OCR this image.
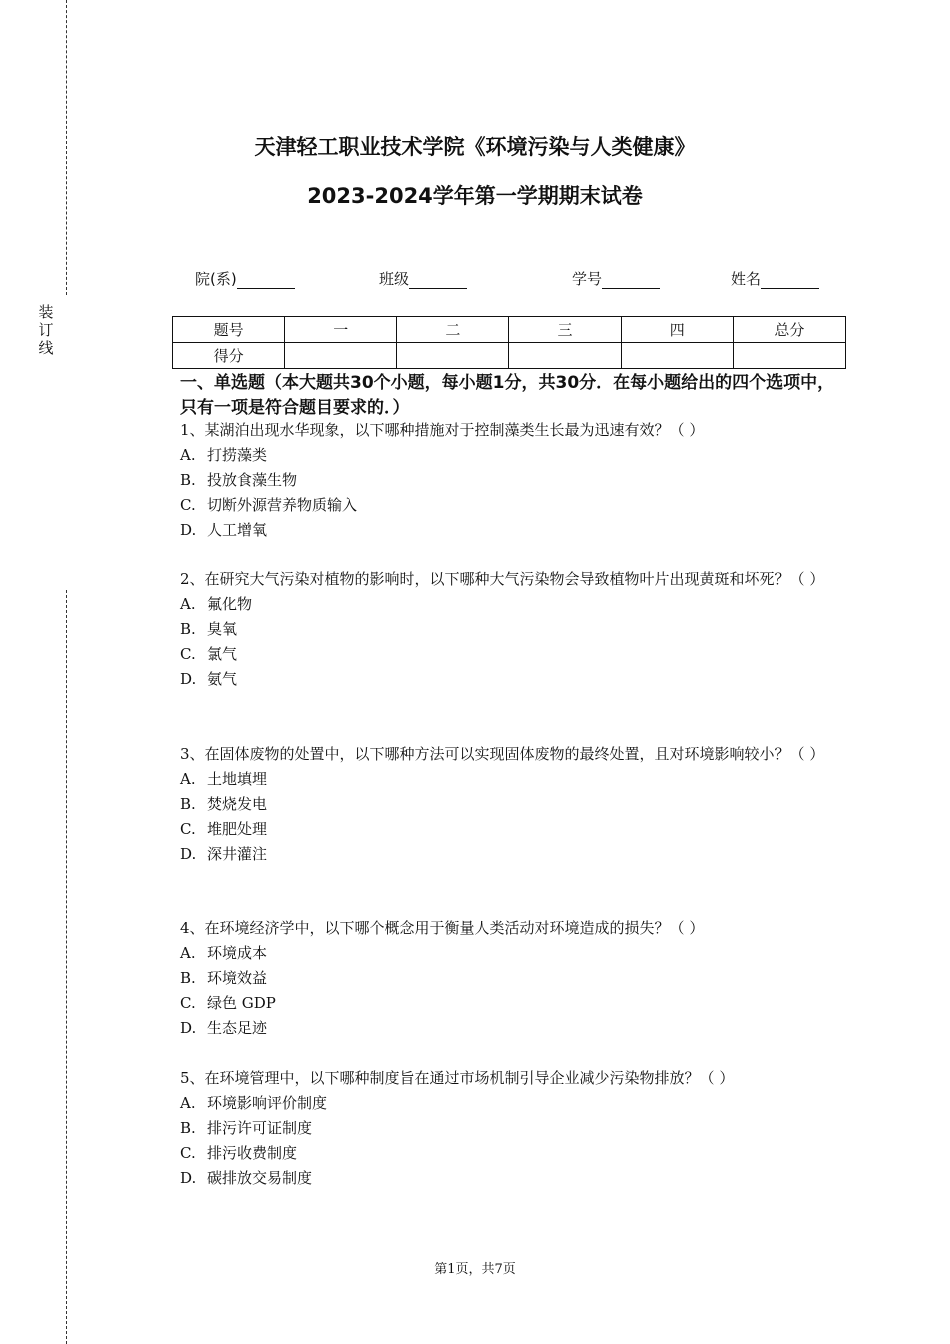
装订线
天津轻工职业技术学院《环境污染与人类健康》
2023-2024学年第一学期期末试卷
院(系)	班级	学号	姓名
题号	一	二	三	四	总分
得分					
一、单选题（本大题共30个小题，每小题1分，共30分．在每小题给出的四个选项中，只有一项是符合题目要求的．）
1、某湖泊出现水华现象，以下哪种措施对于控制藻类生长最为迅速有效？（ ）
A. 打捞藻类
B. 投放食藻生物
C. 切断外源营养物质输入
D. 人工增氧
2、在研究大气污染对植物的影响时，以下哪种大气污染物会导致植物叶片出现黄斑和坏死？（ ）
A. 氟化物
B. 臭氧
C. 氯气
D. 氨气
3、在固体废物的处置中，以下哪种方法可以实现固体废物的最终处置，且对环境影响较小？（ ）
A. 土地填埋
B. 焚烧发电
C. 堆肥处理
D. 深井灌注
4、在环境经济学中，以下哪个概念用于衡量人类活动对环境造成的损失？（ ）
A. 环境成本
B. 环境效益
C. 绿色 GDP
D. 生态足迹
5、在环境管理中，以下哪种制度旨在通过市场机制引导企业减少污染物排放？（ ）
A. 环境影响评价制度
B. 排污许可证制度
C. 排污收费制度
D. 碳排放交易制度
第1页，共7页
